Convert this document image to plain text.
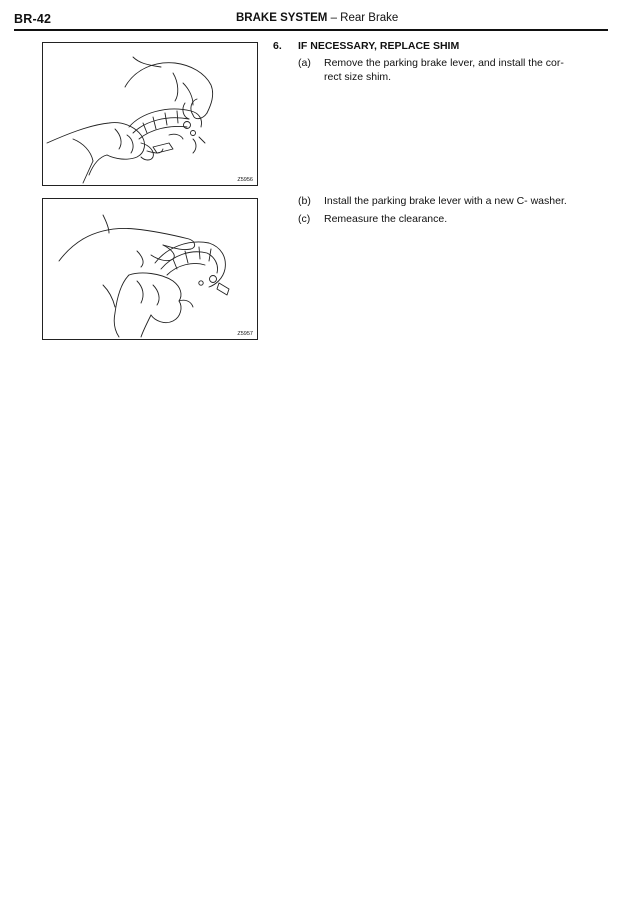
BR-42	BRAKE SYSTEM – Rear Brake
Z5956
Z5957
6. IF NECESSARY, REPLACE SHIM
(a)	Remove the parking brake lever, and install the cor-
rect size shim.
(b)	Install the parking brake lever with a new C- washer.
(c)	Remeasure the clearance.
